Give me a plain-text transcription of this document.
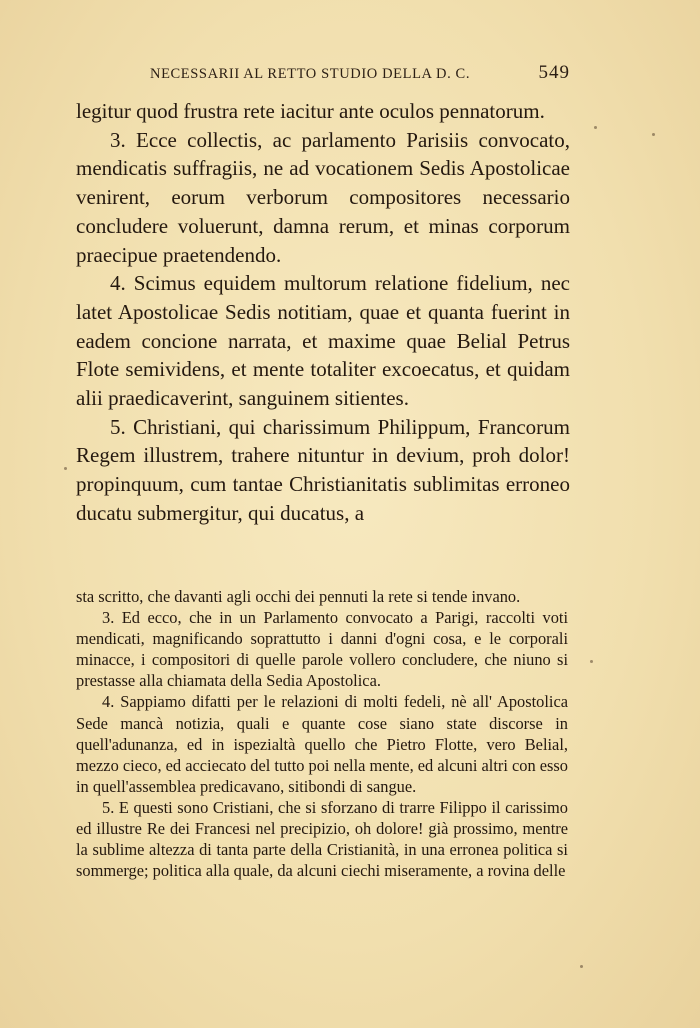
NECESSARII AL RETTO STUDIO DELLA D. C.	549

legitur quod frustra rete iacitur ante oculos pennatorum.

3. Ecce collectis, ac parlamento Parisiis convocato, mendicatis suffragiis, ne ad vocationem Sedis Apostolicae venirent, eorum verborum compositores necessario concludere voluerunt, damna rerum, et minas corporum praecipue praetendendo.

4. Scimus equidem multorum relatione fidelium, nec latet Apostolicae Sedis notitiam, quae et quanta fuerint in eadem concione narrata, et maxime quae Belial Petrus Flote semividens, et mente totaliter excoecatus, et quidam alii praedicaverint, sanguinem sitientes.

5. Christiani, qui charissimum Philippum, Francorum Regem illustrem, trahere nituntur in devium, proh dolor! propinquum, cum tantae Christianitatis sublimitas erroneo ducatu submergitur, qui ducatus, a

sta scritto, che davanti agli occhi dei pennuti la rete si tende invano.

3. Ed ecco, che in un Parlamento convocato a Parigi, raccolti voti mendicati, magnificando soprattutto i danni d'ogni cosa, e le corporali minacce, i compositori di quelle parole vollero concludere, che niuno si prestasse alla chiamata della Sedia Apostolica.

4. Sappiamo difatti per le relazioni di molti fedeli, nè all' Apostolica Sede mancà notizia, quali e quante cose siano state discorse in quell'adunanza, ed in ispezialtà quello che Pietro Flotte, vero Belial, mezzo cieco, ed acciecato del tutto poi nella mente, ed alcuni altri con esso in quell'assemblea predicavano, sitibondi di sangue.

5. E questi sono Cristiani, che si sforzano di trarre Filippo il carissimo ed illustre Re dei Francesi nel precipizio, oh dolore! già prossimo, mentre la sublime altezza di tanta parte della Cristianità, in una erronea politica si sommerge; politica alla quale, da alcuni ciechi miseramente, a rovina delle
